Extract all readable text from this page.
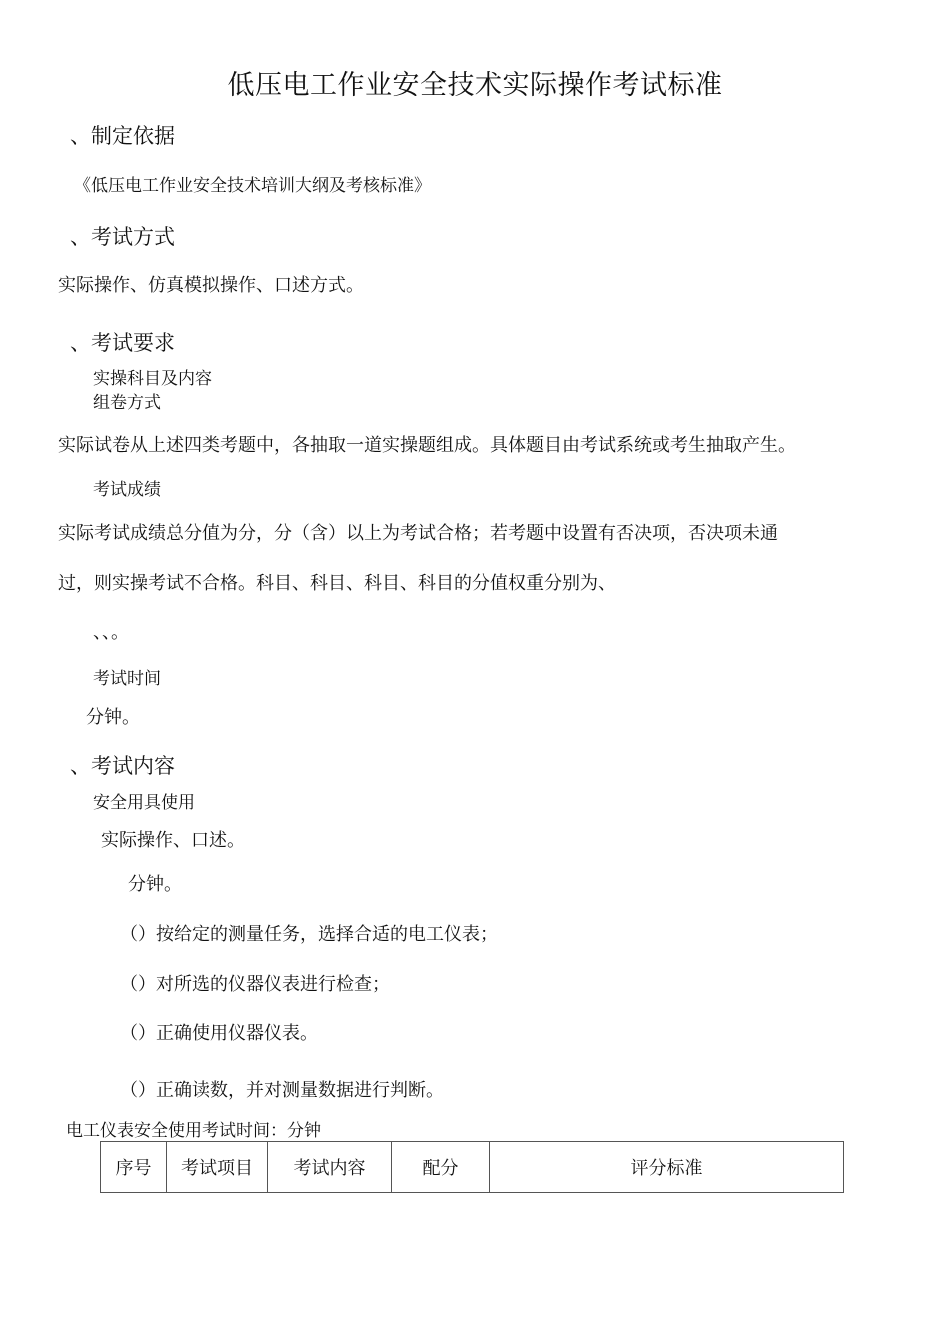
低压电工作业安全技术实际操作考试标准
、制定依据
《低压电工作业安全技术培训大纲及考核标准》
、考试方式
实际操作、仿真模拟操作、口述方式。
、考试要求
实操科目及内容
组卷方式
实际试卷从上述四类考题中，各抽取一道实操题组成。具体题目由考试系统或考生抽取产生。
考试成绩
实际考试成绩总分值为分，分（含）以上为考试合格；若考题中设置有否决项，否决项未通
过，则实操考试不合格。科目、科目、科目、科目的分值权重分别为、
、、。
考试时间
分钟。
、考试内容
安全用具使用
实际操作、口述。
分钟。
（）按给定的测量任务，选择合适的电工仪表；
（）对所选的仪器仪表进行检查；
（）正确使用仪器仪表。
（）正确读数，并对测量数据进行判断。
电工仪表安全使用考试时间：分钟
序号	考试项目	考试内容	配分	评分标准
